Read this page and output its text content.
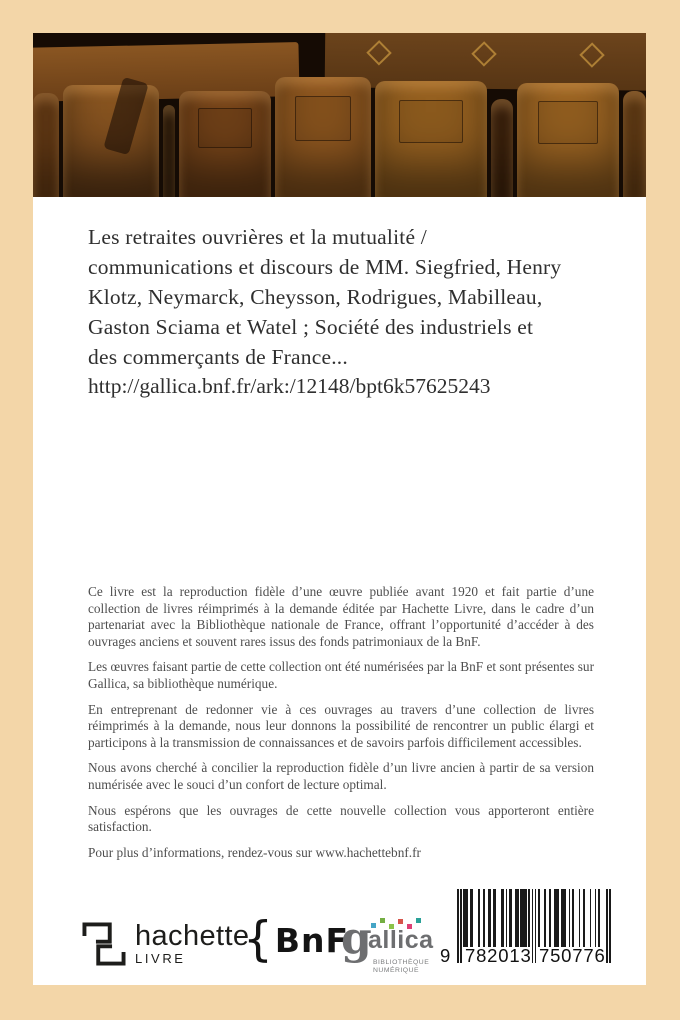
Les retraites ouvrières et la mutualité /
communications et discours de MM. Siegfried, Henry
Klotz, Neymarck, Cheysson, Rodrigues, Mabilleau,
Gaston Sciama et Watel ; Société des industriels et
des commerçants de France...
http://gallica.bnf.fr/ark:/12148/bpt6k57625243

Ce livre est la reproduction fidèle d’une œuvre publiée avant 1920 et fait partie d’une collection de livres réimprimés à la demande éditée par Hachette Livre, dans le cadre d’un partenariat avec la Bibliothèque nationale de France, offrant l’opportunité d’accéder à des ouvrages anciens et souvent rares issus des fonds patrimoniaux de la BnF.

Les œuvres faisant partie de cette collection ont été numérisées par la BnF et sont présentes sur Gallica, sa bibliothèque numérique.

En entreprenant de redonner vie à ces ouvrages au travers d’une collection de livres réimprimés à la demande, nous leur donnons la possibilité de rencontrer un public élargi et participons à la transmission de connaissances et de savoirs parfois difficilement accessibles.

Nous avons cherché à concilier la reproduction fidèle d’un livre ancien à partir de sa version numérisée avec le souci d’un confort de lecture optimal.

Nous espérons que les ouvrages de cette nouvelle collection vous apporteront entière satisfaction.

Pour plus d’informations, rendez-vous sur www.hachettebnf.fr

hachette
LIVRE	{ BnF
g
allica
BIBLIOTHÈQUE
NUMÉRIQUE
9 782013 750776
